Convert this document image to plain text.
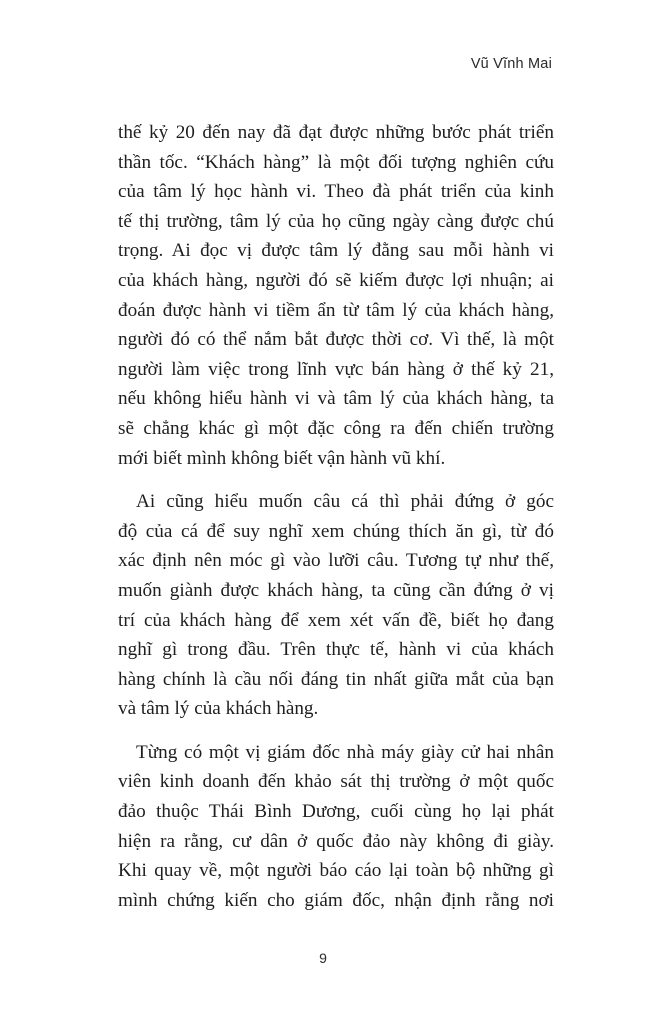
Vũ Vĩnh Mai

thế kỷ 20 đến nay đã đạt được những bước phát triển
thần tốc. “Khách hàng” là một đối tượng nghiên cứu
của tâm lý học hành vi. Theo đà phát triển của kinh
tế thị trường, tâm lý của họ cũng ngày càng được chú
trọng. Ai đọc vị được tâm lý đằng sau mỗi hành vi
của khách hàng, người đó sẽ kiếm được lợi nhuận; ai
đoán được hành vi tiềm ẩn từ tâm lý của khách hàng,
người đó có thể nắm bắt được thời cơ. Vì thế, là một
người làm việc trong lĩnh vực bán hàng ở thế kỷ 21,
nếu không hiểu hành vi và tâm lý của khách hàng, ta
sẽ chẳng khác gì một đặc công ra đến chiến trường
mới biết mình không biết vận hành vũ khí.

Ai cũng hiểu muốn câu cá thì phải đứng ở góc
độ của cá để suy nghĩ xem chúng thích ăn gì, từ đó
xác định nên móc gì vào lưỡi câu. Tương tự như thế,
muốn giành được khách hàng, ta cũng cần đứng ở vị
trí của khách hàng để xem xét vấn đề, biết họ đang
nghĩ gì trong đầu. Trên thực tế, hành vi của khách
hàng chính là cầu nối đáng tin nhất giữa mắt của bạn
và tâm lý của khách hàng.

Từng có một vị giám đốc nhà máy giày cử hai nhân
viên kinh doanh đến khảo sát thị trường ở một quốc
đảo thuộc Thái Bình Dương, cuối cùng họ lại phát
hiện ra rằng, cư dân ở quốc đảo này không đi giày.
Khi quay về, một người báo cáo lại toàn bộ những gì
mình chứng kiến cho giám đốc, nhận định rằng nơi

9
